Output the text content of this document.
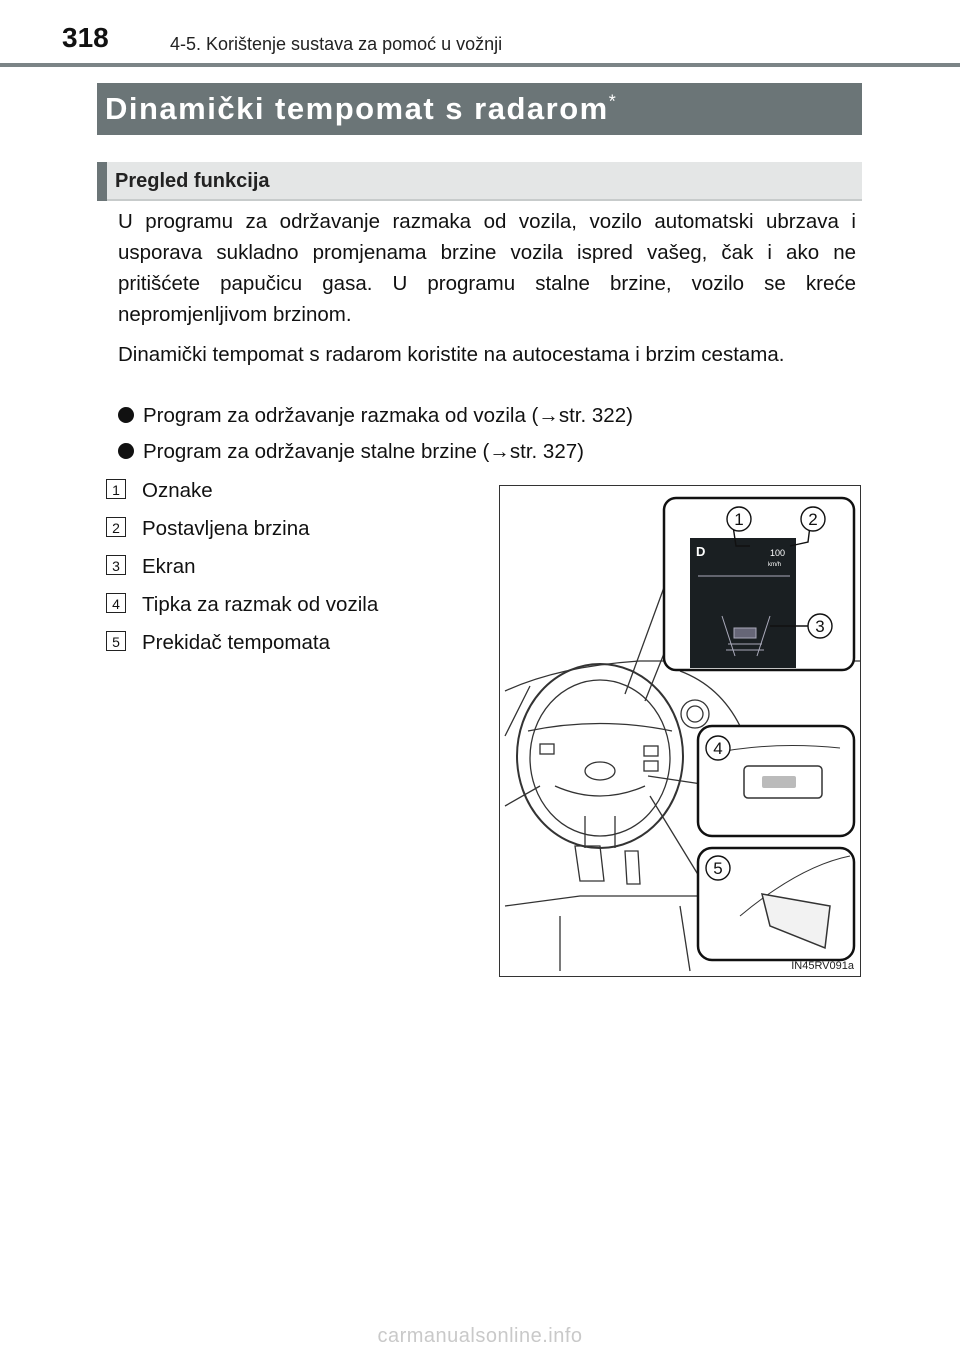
318	4-5. Korištenje sustava za pomoć u vožnji
Dinamički tempomat s radarom*
Pregled funkcija
U programu za održavanje razmaka od vozila, vozilo automatski ubrzava i usporava sukladno promjenama brzine vozila ispred vašeg, čak i ako ne pritišćete papučicu gasa. U programu stalne brzine, vozilo se kreće nepromjenljivom brzinom.
Dinamički tempomat s radarom koristite na autocestama i brzim cestama.
Program za održavanje razmaka od vozila (→str. 322)
Program za održavanje stalne brzine (→str. 327)
1 Oznake
2 Postavljena brzina
3 Ekran
4 Tipka za razmak od vozila
5 Prekidač tempomata
D	100
km/h
1	2
3
4
5
IN45RV091a
carmanualsonline.info
